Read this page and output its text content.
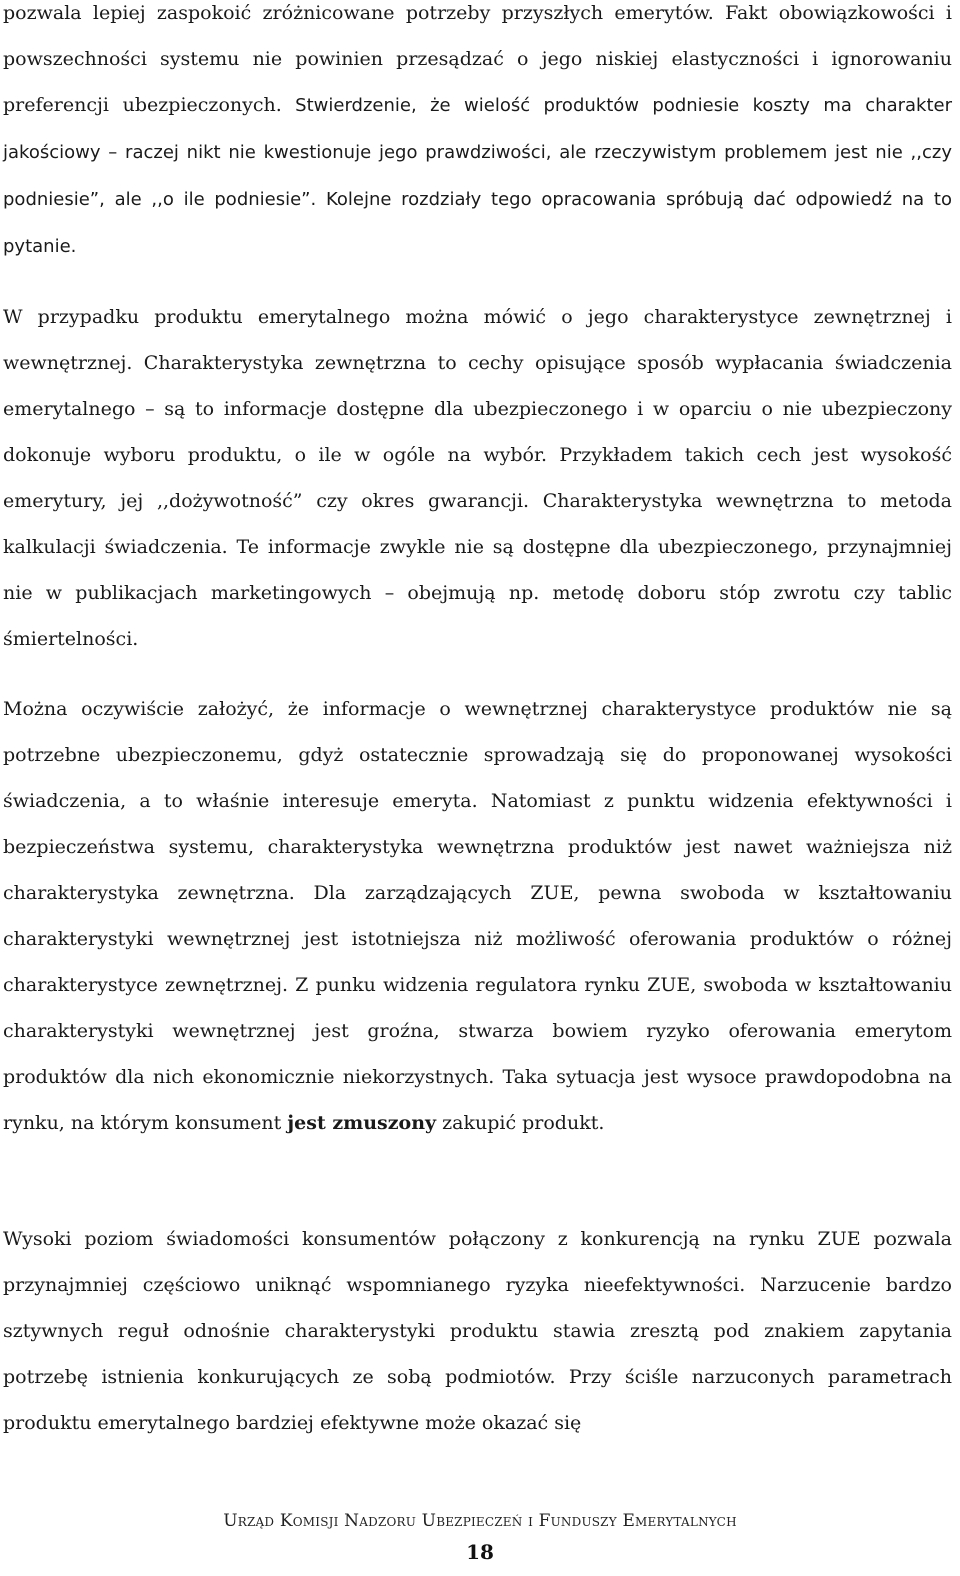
pozwala lepiej zaspokoić zróżnicowane potrzeby przyszłych emerytów. Fakt obowiązkowości i powszechności systemu nie powinien przesądzać o jego niskiej elastyczności i ignorowaniu preferencji ubezpieczonych. Stwierdzenie, że wielość produktów podniesie koszty ma charakter jakościowy – raczej nikt nie kwestionuje jego prawdziwości, ale rzeczywistym problemem jest nie ,,czy podniesie”, ale ,,o ile podniesie”. Kolejne rozdziały tego opracowania spróbują dać odpowiedź na to pytanie.

W przypadku produktu emerytalnego można mówić o jego charakterystyce zewnętrznej i wewnętrznej. Charakterystyka zewnętrzna to cechy opisujące sposób wypłacania świadczenia emerytalnego – są to informacje dostępne dla ubezpieczonego i w oparciu o nie ubezpieczony dokonuje wyboru produktu, o ile w ogóle na wybór. Przykładem takich cech jest wysokość emerytury, jej ,,dożywotność” czy okres gwarancji. Charakterystyka wewnętrzna to metoda kalkulacji świadczenia. Te informacje zwykle nie są dostępne dla ubezpieczonego, przynajmniej nie w publikacjach marketingowych – obejmują np. metodę doboru stóp zwrotu czy tablic śmiertelności.

Można oczywiście założyć, że informacje o wewnętrznej charakterystyce produktów nie są potrzebne ubezpieczonemu, gdyż ostatecznie sprowadzają się do proponowanej wysokości świadczenia, a to właśnie interesuje emeryta. Natomiast z punktu widzenia efektywności i bezpieczeństwa systemu, charakterystyka wewnętrzna produktów jest nawet ważniejsza niż charakterystyka zewnętrzna. Dla zarządzających ZUE, pewna swoboda w kształtowaniu charakterystyki wewnętrznej jest istotniejsza niż możliwość oferowania produktów o różnej charakterystyce zewnętrznej. Z punku widzenia regulatora rynku ZUE, swoboda w kształtowaniu charakterystyki wewnętrznej jest groźna, stwarza bowiem ryzyko oferowania emerytom produktów dla nich ekonomicznie niekorzystnych. Taka sytuacja jest wysoce prawdopodobna na rynku, na którym konsument jest zmuszony zakupić produkt.

Wysoki poziom świadomości konsumentów połączony z konkurencją na rynku ZUE pozwala przynajmniej częściowo uniknąć wspomnianego ryzyka nieefektywności. Narzucenie bardzo sztywnych reguł odnośnie charakterystyki produktu stawia zresztą pod znakiem zapytania potrzebę istnienia konkurujących ze sobą podmiotów. Przy ściśle narzuconych parametrach produktu emerytalnego bardziej efektywne może okazać się

Urząd Komisji Nadzoru Ubezpieczeń i Funduszy Emerytalnych
18
